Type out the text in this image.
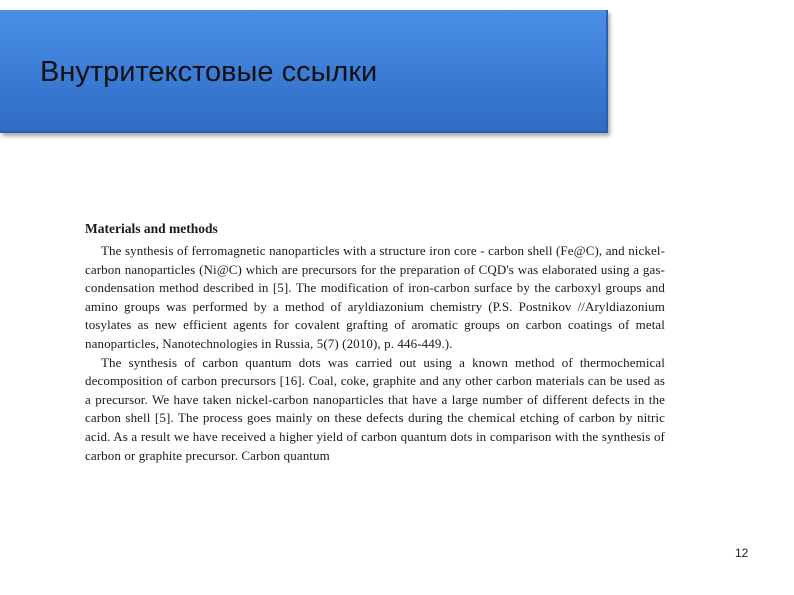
Внутритекстовые ссылки
Materials and methods

The synthesis of ferromagnetic nanoparticles with a structure iron core - carbon shell (Fe@C), and nickel-carbon nanoparticles (Ni@C) which are precursors for the preparation of CQD's was elaborated using a gas-condensation method described in [5]. The modification of iron-carbon surface by the carboxyl groups and amino groups was performed by a method of aryldiazonium chemistry (P.S. Postnikov //Aryldiazonium tosylates as new efficient agents for covalent grafting of aromatic groups on carbon coatings of metal nanoparticles, Nanotechnologies in Russia, 5(7) (2010), p. 446-449.).

The synthesis of carbon quantum dots was carried out using a known method of thermochemical decomposition of carbon precursors [16]. Coal, coke, graphite and any other carbon materials can be used as a precursor. We have taken nickel-carbon nanoparticles that have a large number of different defects in the carbon shell [5]. The process goes mainly on these defects during the chemical etching of carbon by nitric acid. As a result we have received a higher yield of carbon quantum dots in comparison with the synthesis of carbon or graphite precursor. Carbon quantum

12
